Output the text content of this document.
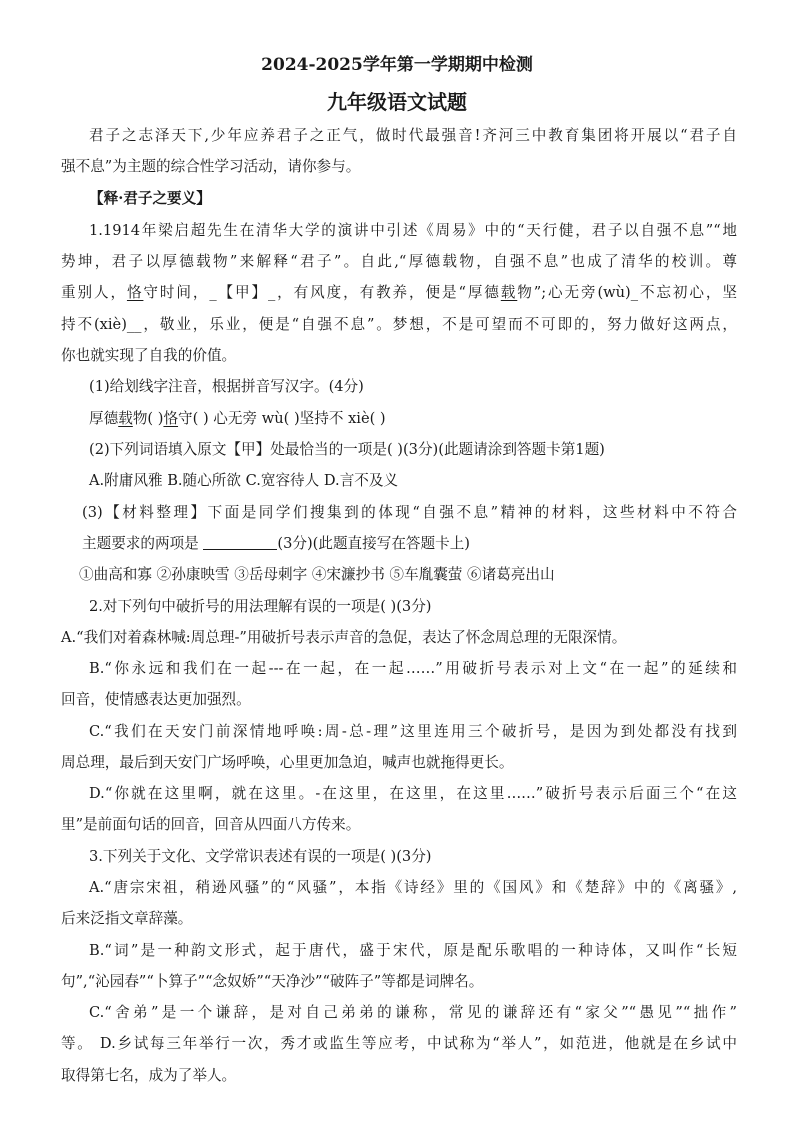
2024-2025学年第一学期期中检测
九年级语文试题
君子之志泽天下,少年应养君子之正气，做时代最强音!齐河三中教育集团将开展以“君子自
强不息”为主题的综合性学习活动，请你参与。
【释·君子之要义】
1.1914年梁启超先生在清华大学的演讲中引述《周易》中的“天行健，君子以自强不息”“地
势坤，君子以厚德载物”来解释“君子”。自此,“厚德载物，自强不息”也成了清华的校训。尊
重别人，恪守时间，_【甲】_，有风度，有教养，便是“厚德载物”;心无旁(wù)_不忘初心，坚
持不(xiè)__，敬业，乐业，便是“自强不息”。梦想，不是可望而不可即的，努力做好这两点，
你也就实现了自我的价值。
(1)给划线字注音，根据拼音写汉字。(4分)
厚德载物( )恪守( ) 心无旁 wù( )坚持不 xiè( )
(2)下列词语填入原文【甲】处最恰当的一项是( )(3分)(此题请涂到答题卡第1题)
A.附庸风雅 B.随心所欲 C.宽容待人 D.言不及义
(3)【材料整理】下面是同学们搜集到的体现“自强不息”精神的材料，这些材料中不符合
主题要求的两项是	(3分)(此题直接写在答题卡上)
①曲高和寡 ②孙康映雪 ③岳母刺字 ④宋濂抄书 ⑤车胤囊萤 ⑥诸葛亮出山
2.对下列句中破折号的用法理解有误的一项是( )(3分)
A.“我们对着森林喊:周总理-”用破折号表示声音的急促，表达了怀念周总理的无限深情。
B.“你永远和我们在一起---在一起，在一起……”用破折号表示对上文“在一起”的延续和
回音，使情感表达更加强烈。
C.“我们在天安门前深情地呼唤:周-总-理”这里连用三个破折号，是因为到处都没有找到
周总理，最后到天安门广场呼唤，心里更加急迫，喊声也就拖得更长。
D.“你就在这里啊，就在这里。-在这里，在这里，在这里……”破折号表示后面三个“在这
里”是前面句话的回音，回音从四面八方传来。
3.下列关于文化、文学常识表述有误的一项是( )(3分)
A.“唐宗宋祖，稍逊风骚”的“风骚”，本指《诗经》里的《国风》和《楚辞》中的《离骚》,
后来泛指文章辞藻。
B.“词”是一种韵文形式，起于唐代，盛于宋代，原是配乐歌唱的一种诗体，又叫作“长短
句”,“沁园春”“卜算子”“念奴娇”“天净沙”“破阵子”等都是词牌名。
C.“舍弟”是一个谦辞，是对自己弟弟的谦称，常见的谦辞还有“家父”“愚见”“拙作”
等。 D.乡试每三年举行一次，秀才或监生等应考，中试称为“举人”，如范进，他就是在乡试中
取得第七名，成为了举人。
